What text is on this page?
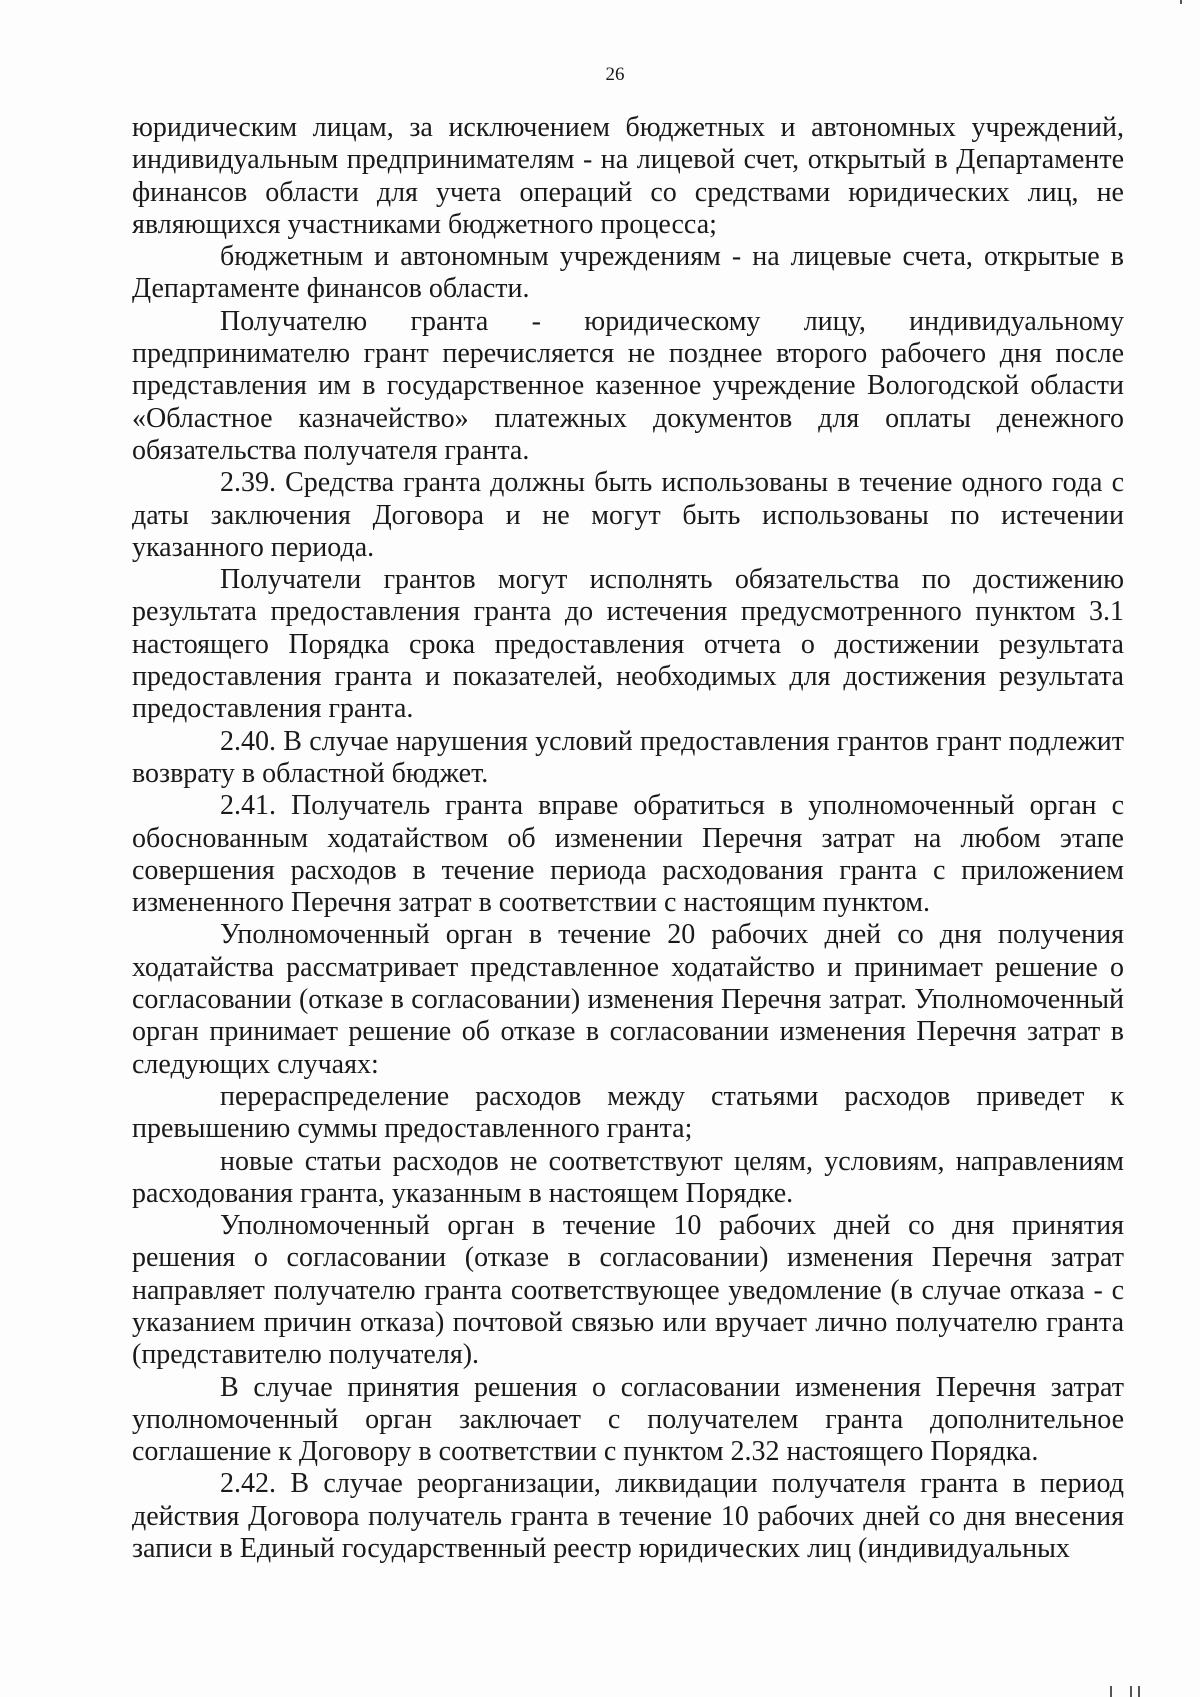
26

юридическим лицам, за исключением бюджетных и автономных учреждений, индивидуальным предпринимателям - на лицевой счет, открытый в Департаменте финансов области для учета операций со средствами юридических лиц, не являющихся участниками бюджетного процесса;

бюджетным и автономным учреждениям - на лицевые счета, открытые в Департаменте финансов области.

Получателю гранта - юридическому лицу, индивидуальному предпринимателю грант перечисляется не позднее второго рабочего дня после представления им в государственное казенное учреждение Вологодской области «Областное казначейство» платежных документов для оплаты денежного обязательства получателя гранта.

2.39. Средства гранта должны быть использованы в течение одного года с даты заключения Договора и не могут быть использованы по истечении указанного периода.

Получатели грантов могут исполнять обязательства по достижению результата предоставления гранта до истечения предусмотренного пунктом 3.1 настоящего Порядка срока предоставления отчета о достижении результата предоставления гранта и показателей, необходимых для достижения результата предоставления гранта.

2.40. В случае нарушения условий предоставления грантов грант подлежит возврату в областной бюджет.

2.41. Получатель гранта вправе обратиться в уполномоченный орган с обоснованным ходатайством об изменении Перечня затрат на любом этапе совершения расходов в течение периода расходования гранта с приложением измененного Перечня затрат в соответствии с настоящим пунктом.

Уполномоченный орган в течение 20 рабочих дней со дня получения ходатайства рассматривает представленное ходатайство и принимает решение о согласовании (отказе в согласовании) изменения Перечня затрат. Уполномоченный орган принимает решение об отказе в согласовании изменения Перечня затрат в следующих случаях:

перераспределение расходов между статьями расходов приведет к превышению суммы предоставленного гранта;

новые статьи расходов не соответствуют целям, условиям, направлениям расходования гранта, указанным в настоящем Порядке.

Уполномоченный орган в течение 10 рабочих дней со дня принятия решения о согласовании (отказе в согласовании) изменения Перечня затрат направляет получателю гранта соответствующее уведомление (в случае отказа - с указанием причин отказа) почтовой связью или вручает лично получателю гранта (представителю получателя).

В случае принятия решения о согласовании изменения Перечня затрат уполномоченный орган заключает с получателем гранта дополнительное соглашение к Договору в соответствии с пунктом 2.32 настоящего Порядка.

2.42. В случае реорганизации, ликвидации получателя гранта в период действия Договора получатель гранта в течение 10 рабочих дней со дня внесения записи в Единый государственный реестр юридических лиц (индивидуальных
